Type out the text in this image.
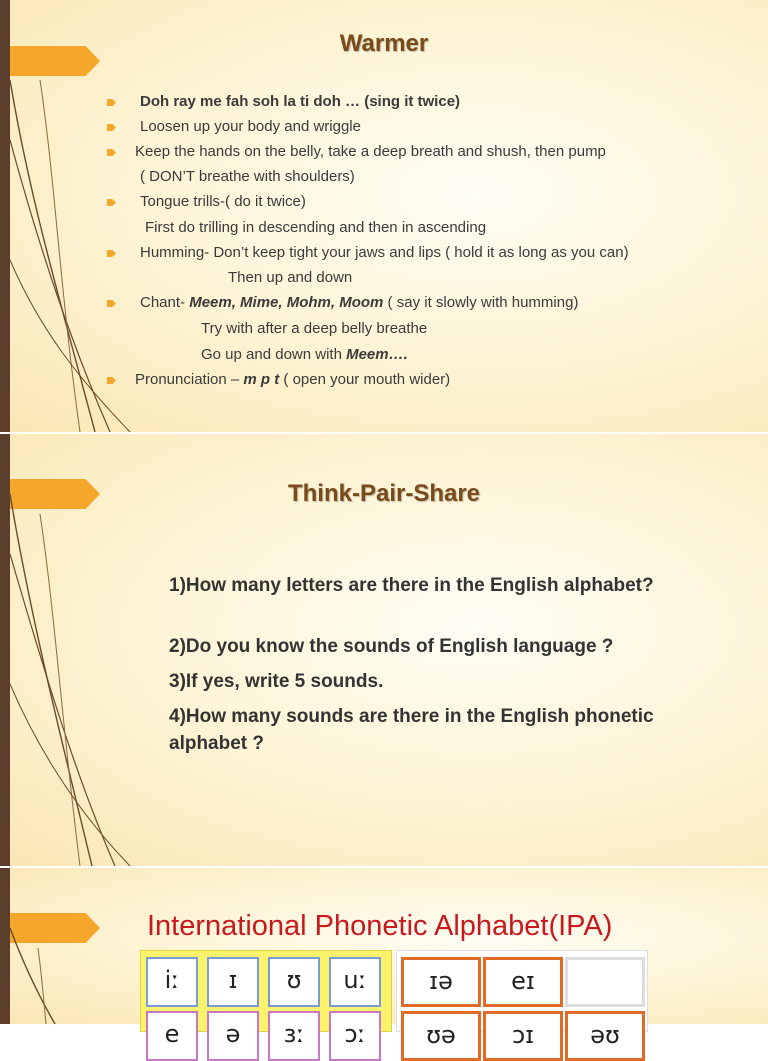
Warmer
Doh ray me fah soh la ti doh … (sing it twice)
Loosen up your body and wriggle
Keep the hands on the belly, take a deep breath and shush, then pump
( DON’T breathe with shoulders)
Tongue trills-( do it twice)
First do trilling in descending and then in ascending
Humming- Don’t keep tight your jaws and lips ( hold it as long as you can)
Then up and down
Chant- Meem, Mime, Mohm, Moom ( say it slowly with humming)
Try with after a deep belly breathe
Go up and down with Meem….
Pronunciation – m p t ( open your mouth wider)
Think-Pair-Share
1)How many letters are there in the English alphabet?
2)Do you know the sounds of English language ?
3)If yes, write 5 sounds.
4)How many sounds are there in the English phonetic alphabet ?
International Phonetic Alphabet(IPA)
iː	ɪ	ʊ	uː
e	ə	ɜː	ɔː
ɪə	eɪ
ʊə	ɔɪ	əʊ
